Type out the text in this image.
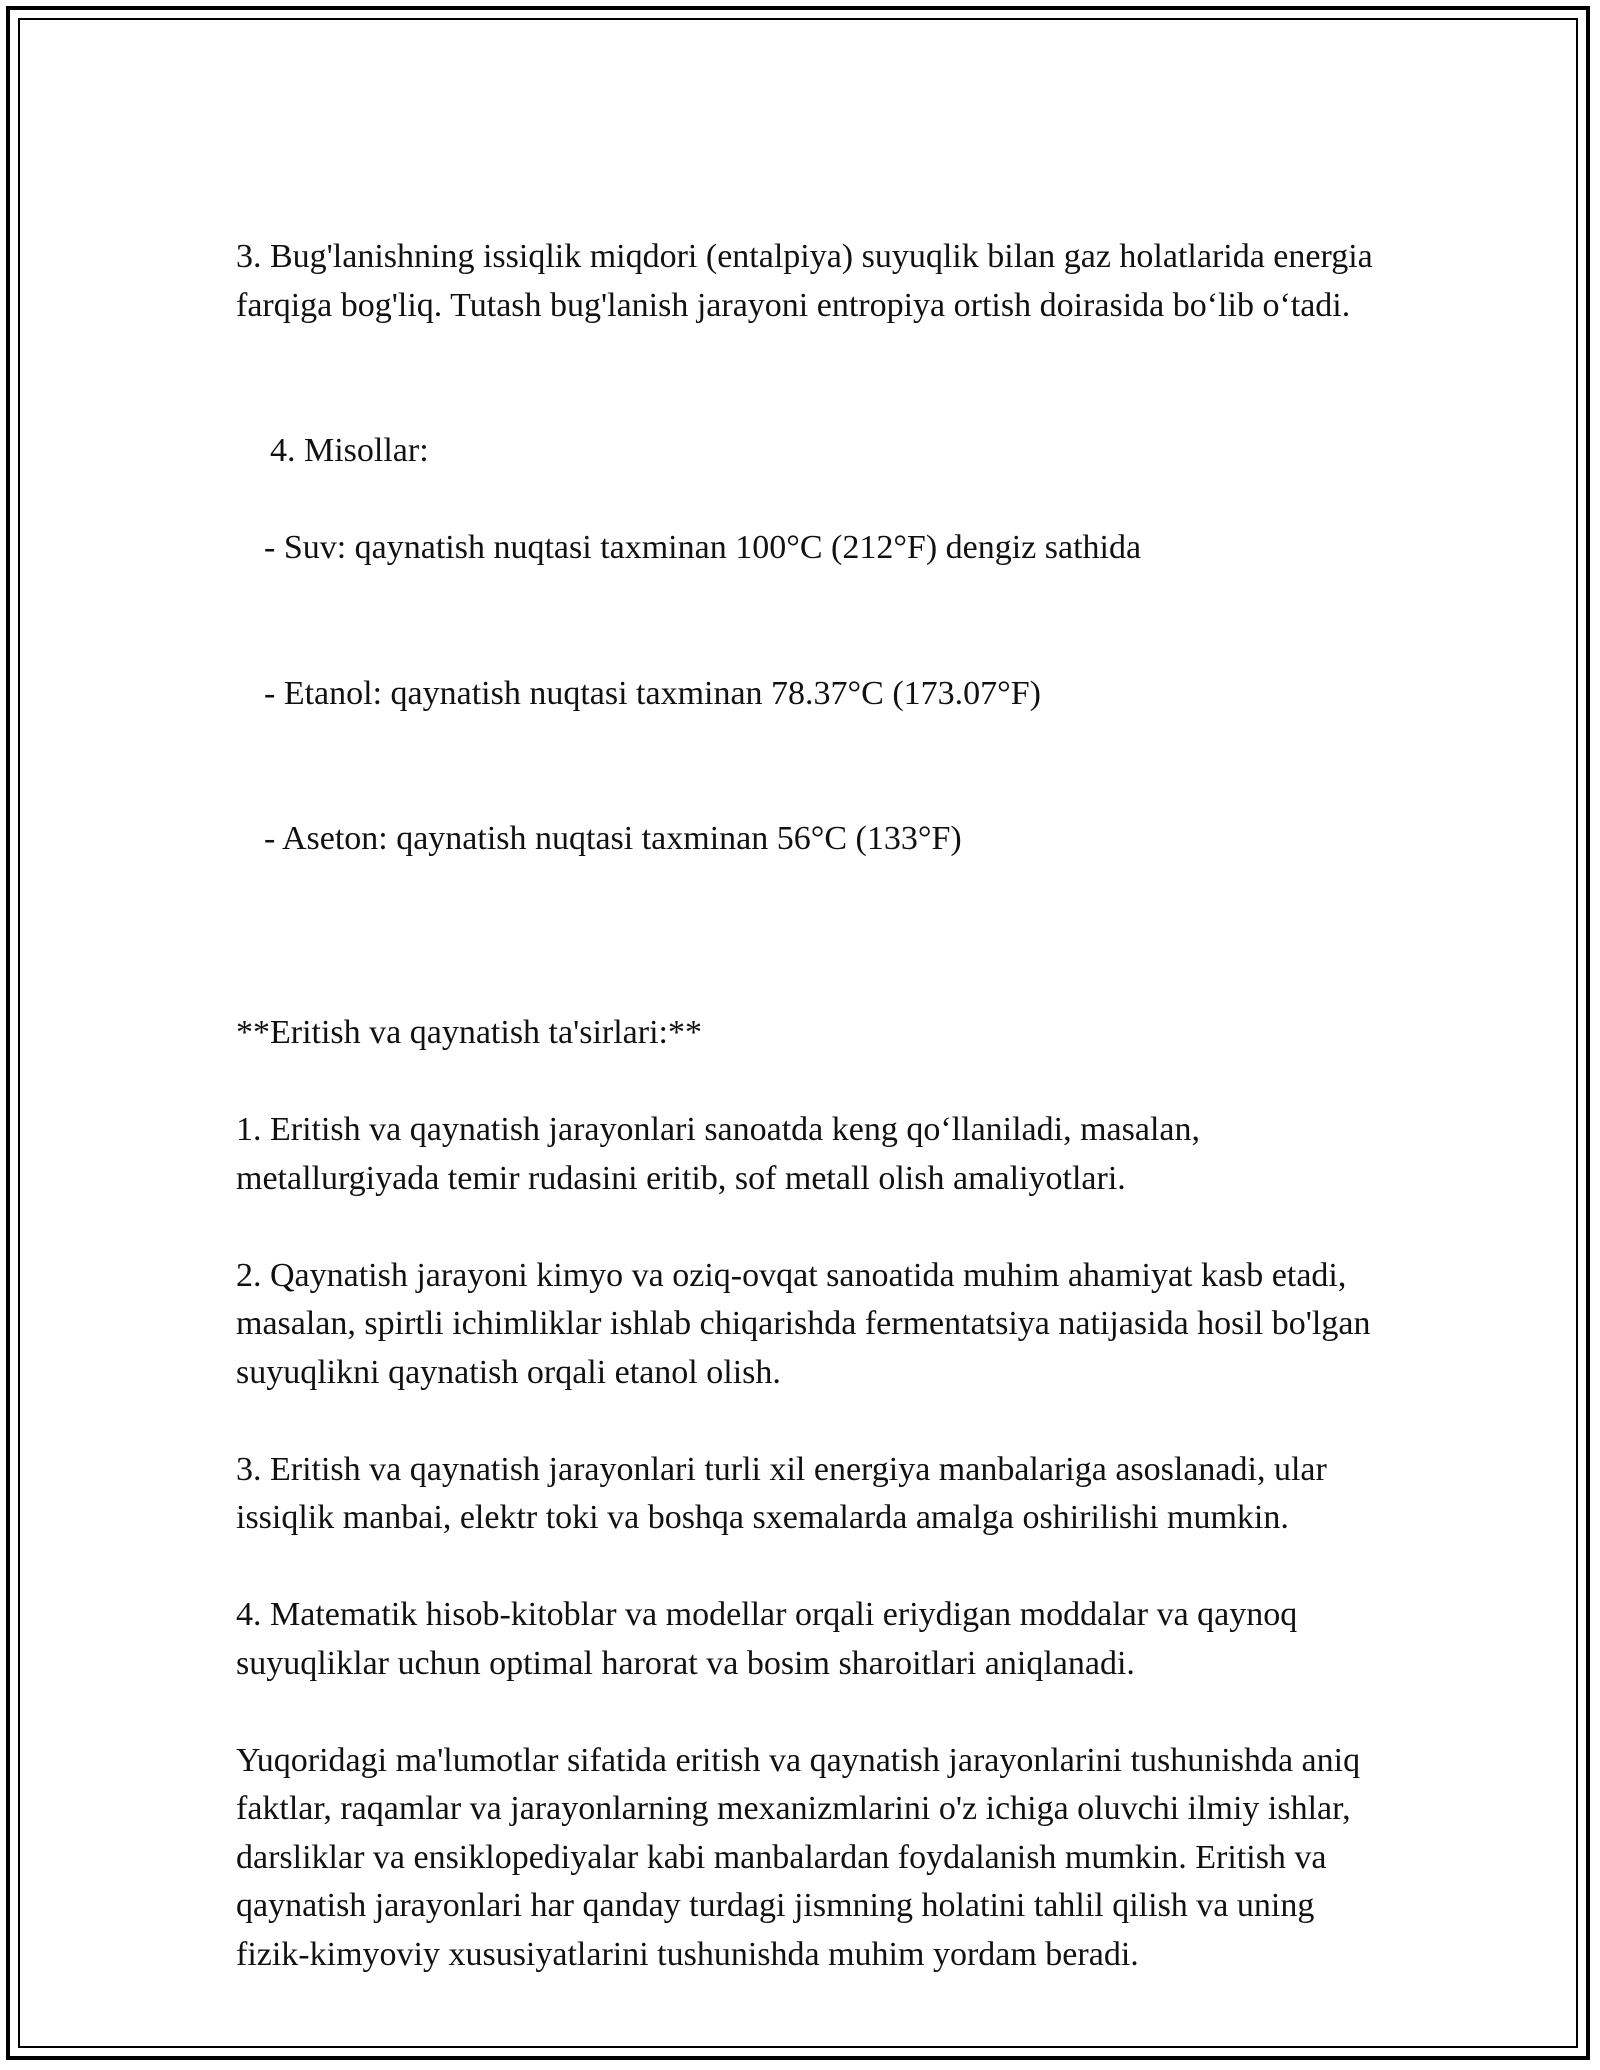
3. Bug'lanishning issiqlik miqdori (entalpiya) suyuqlik bilan gaz holatlarida energia farqiga bog'liq. Tutash bug'lanish jarayoni entropiya ortish doirasida bo‘lib o‘tadi.

4. Misollar:

- Suv: qaynatish nuqtasi taxminan 100°C (212°F) dengiz sathida

- Etanol: qaynatish nuqtasi taxminan 78.37°C (173.07°F)

- Aseton: qaynatish nuqtasi taxminan 56°C (133°F)

**Eritish va qaynatish ta'sirlari:**

1. Eritish va qaynatish jarayonlari sanoatda keng qo‘llaniladi, masalan, metallurgiyada temir rudasini eritib, sof metall olish amaliyotlari.

2. Qaynatish jarayoni kimyo va oziq-ovqat sanoatida muhim ahamiyat kasb etadi, masalan, spirtli ichimliklar ishlab chiqarishda fermentatsiya natijasida hosil bo'lgan suyuqlikni qaynatish orqali etanol olish.

3. Eritish va qaynatish jarayonlari turli xil energiya manbalariga asoslanadi, ular issiqlik manbai, elektr toki va boshqa sxemalarda amalga oshirilishi mumkin.

4. Matematik hisob-kitoblar va modellar orqali eriydigan moddalar va qaynoq suyuqliklar uchun optimal harorat va bosim sharoitlari aniqlanadi.

Yuqoridagi ma'lumotlar sifatida eritish va qaynatish jarayonlarini tushunishda aniq faktlar, raqamlar va jarayonlarning mexanizmlarini o'z ichiga oluvchi ilmiy ishlar, darsliklar va ensiklopediyalar kabi manbalardan foydalanish mumkin. Eritish va qaynatish jarayonlari har qanday turdagi jismning holatini tahlil qilish va uning fizik-kimyoviy xususiyatlarini tushunishda muhim yordam beradi.
